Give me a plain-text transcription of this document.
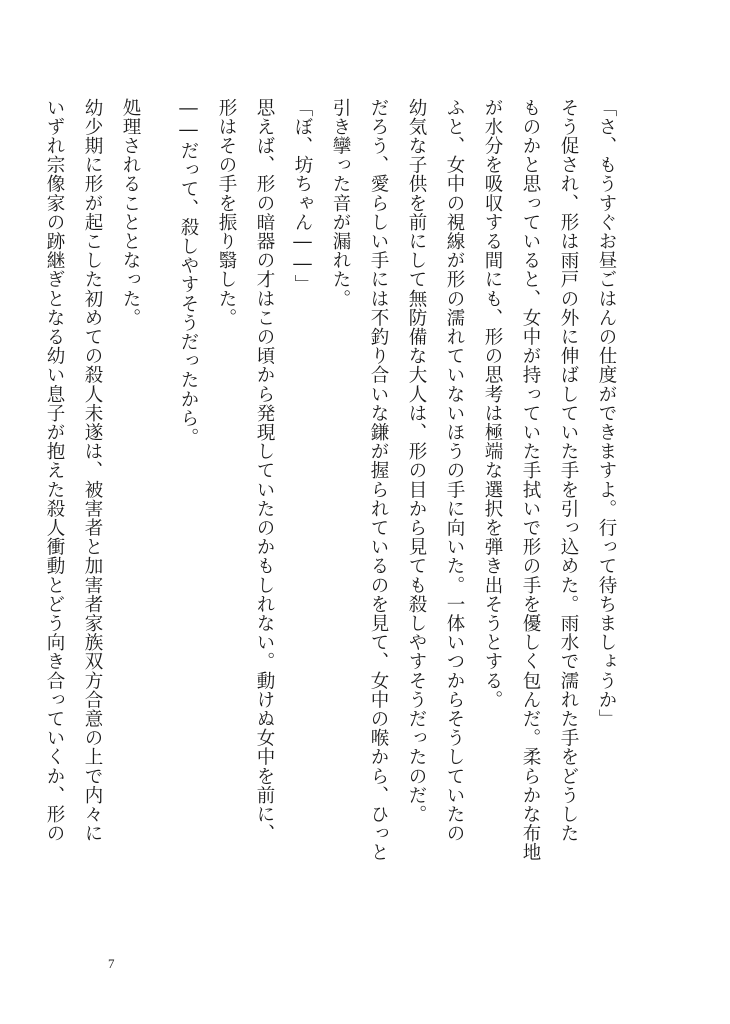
「さ、もうすぐお昼ごはんの仕度ができますよ。行って待ちましょうか」
そう促され、形は雨戸の外に伸ばしていた手を引っ込めた。雨水で濡れた手をどうした
ものかと思っていると、女中が持っていた手拭いで形の手を優しく包んだ。柔らかな布地
が水分を吸収する間にも、形の思考は極端な選択を弾き出そうとする。
ふと、女中の視線が形の濡れていないほうの手に向いた。一体いつからそうしていたの
幼気な子供を前にして無防備な大人は、形の目から見ても殺しやすそうだったのだ。
だろう、愛らしい手には不釣り合いな鎌が握られているのを見て、女中の喉から、ひっと
引き攣った音が漏れた。
「ぼ、坊ちゃん――」
思えば、形の暗器の才はこの頃から発現していたのかもしれない。動けぬ女中を前に、
形はその手を振り翳した。
――だって、殺しやすそうだったから。
処理されることとなった。
幼少期に形が起こした初めての殺人未遂は、被害者と加害者家族双方合意の上で内々に
いずれ宗像家の跡継ぎとなる幼い息子が抱えた殺人衝動とどう向き合っていくか、形の
7
